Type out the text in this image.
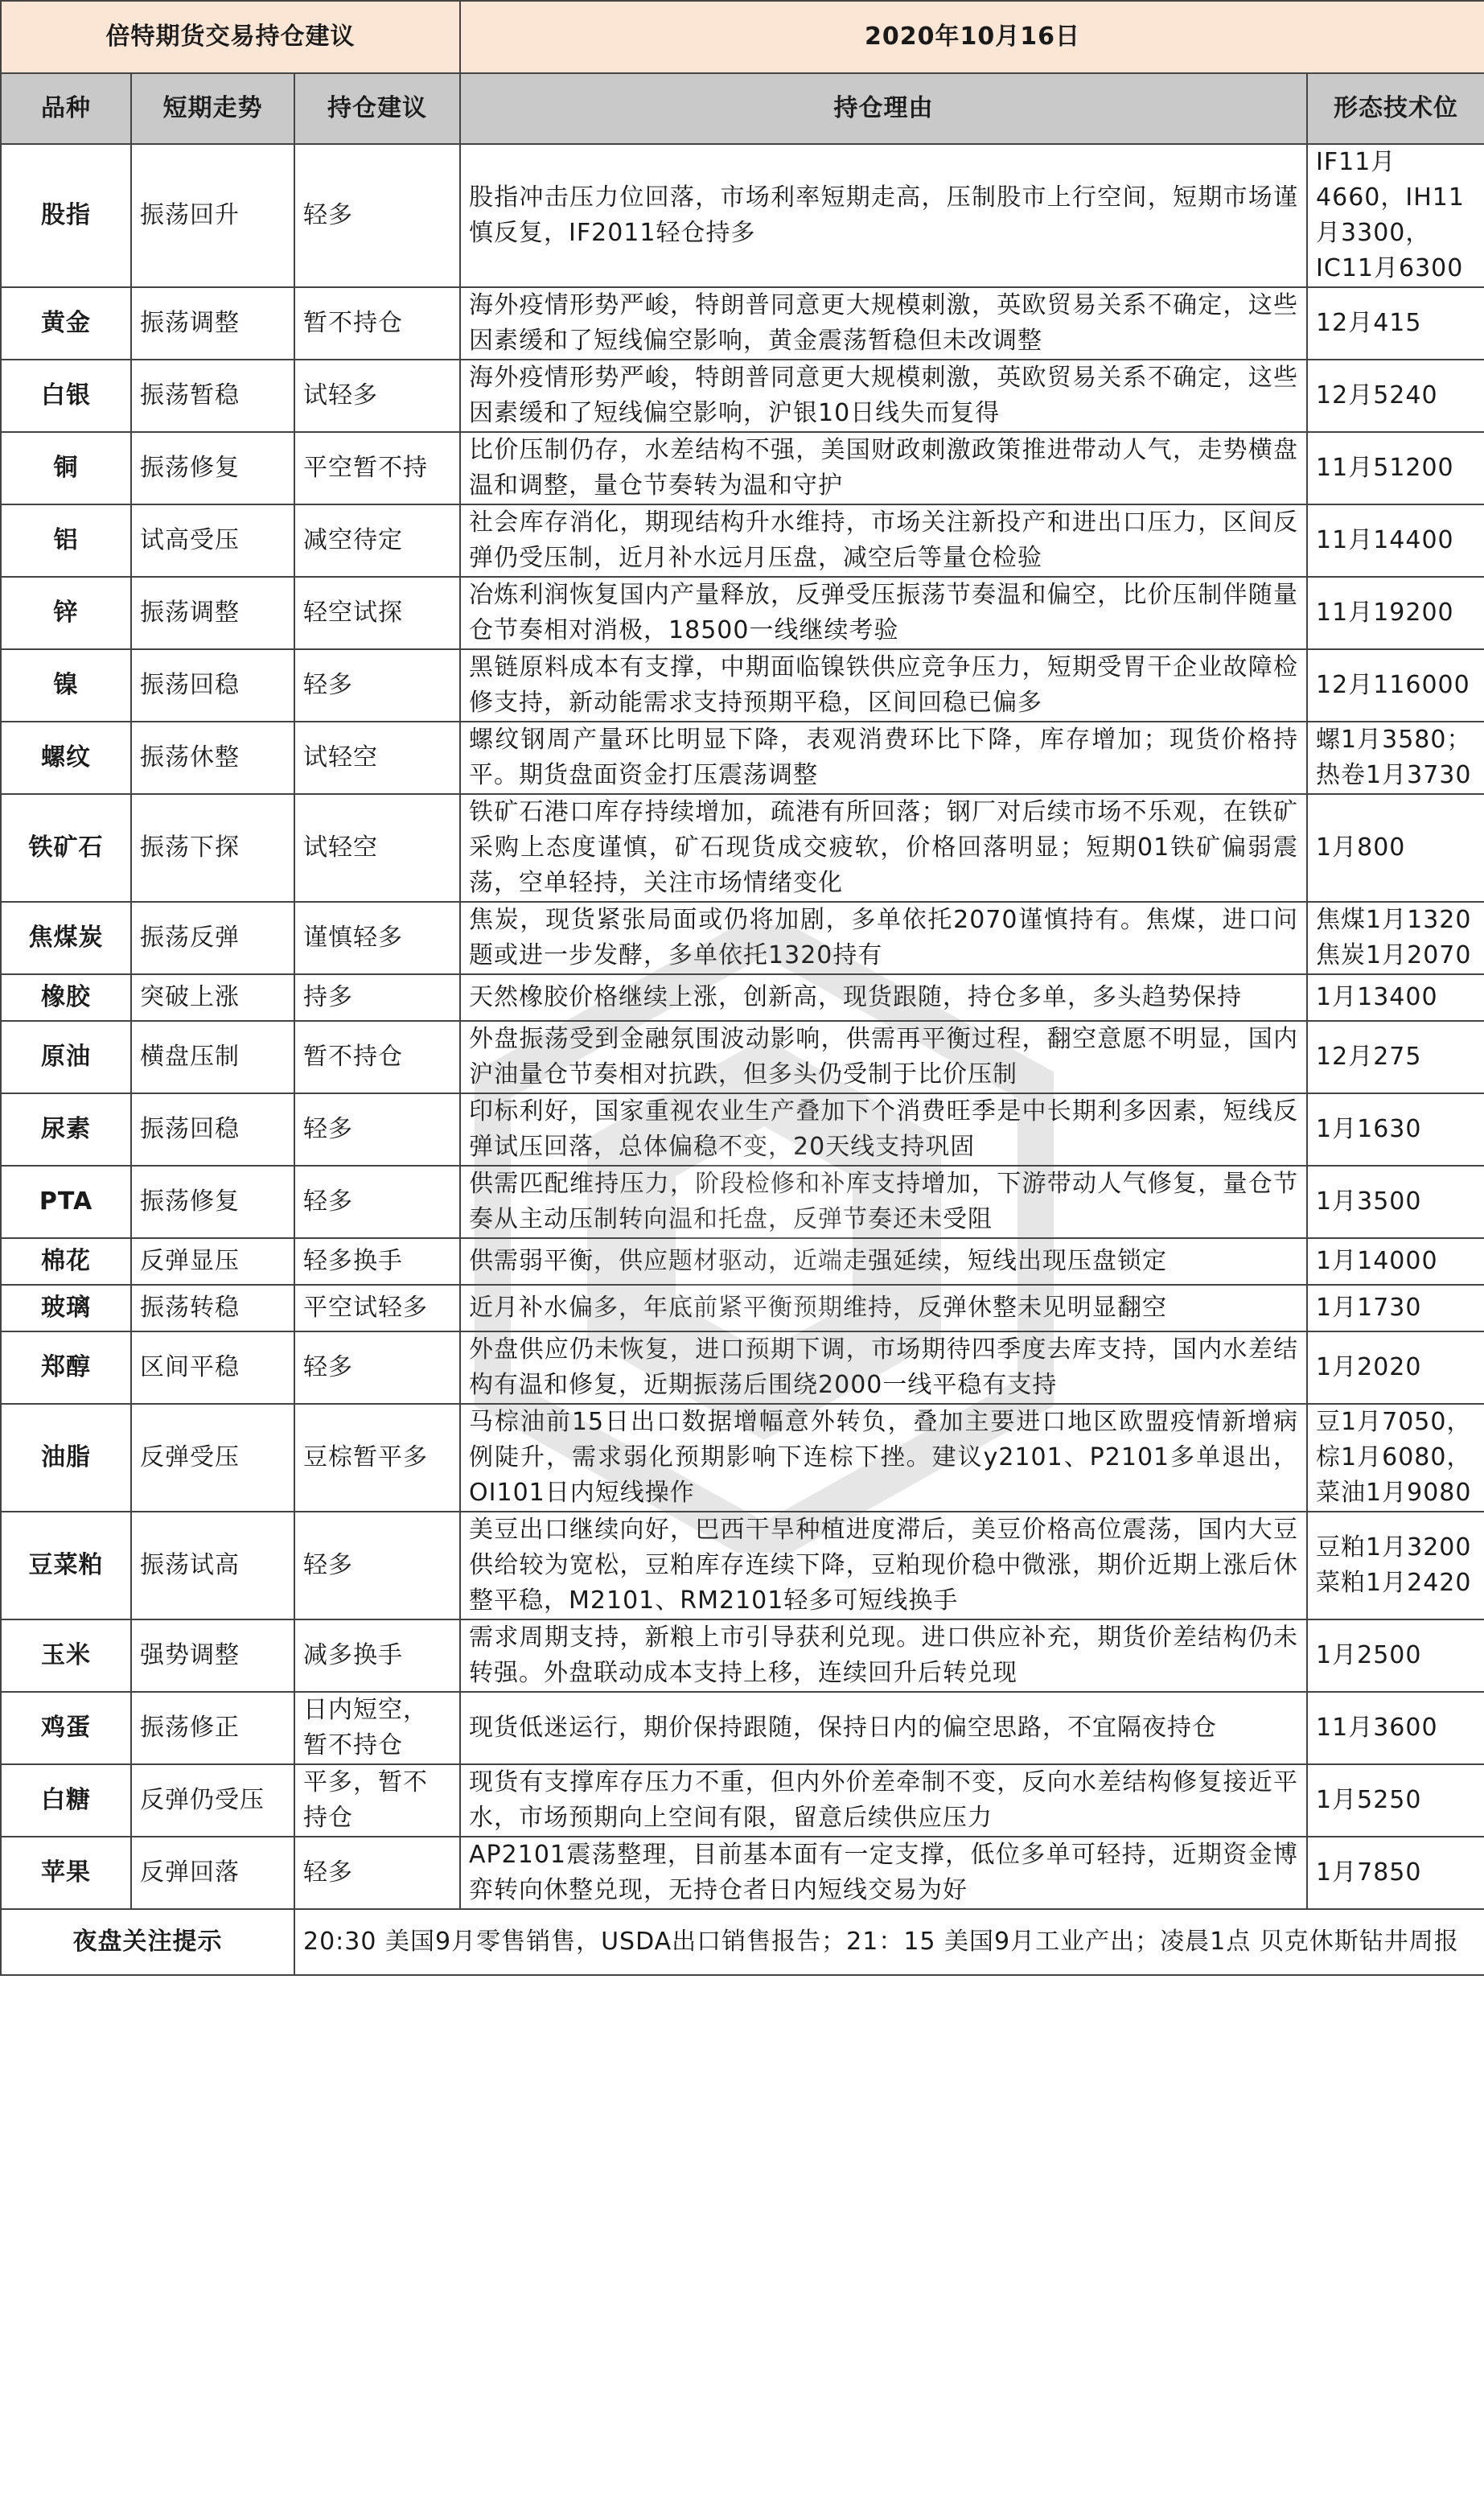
倍特期货交易持仓建议			2020年10月16日	
品种	短期走势	持仓建议	持仓理由	形态技术位
股指	振荡回升	轻多	股指冲击压力位回落，市场利率短期走高，压制股市上行空间，短期市场谨慎反复，IF2011轻仓持多	IF11月4660，IH11月3300，IC11月6300
黄金	振荡调整	暂不持仓	海外疫情形势严峻，特朗普同意更大规模刺激，英欧贸易关系不确定，这些因素缓和了短线偏空影响，黄金震荡暂稳但未改调整	12月415
白银	振荡暂稳	试轻多	海外疫情形势严峻，特朗普同意更大规模刺激，英欧贸易关系不确定，这些因素缓和了短线偏空影响，沪银10日线失而复得	12月5240
铜	振荡修复	平空暂不持	比价压制仍存，水差结构不强，美国财政刺激政策推进带动人气，走势横盘温和调整，量仓节奏转为温和守护	11月51200
铝	试高受压	减空待定	社会库存消化，期现结构升水维持，市场关注新投产和进出口压力，区间反弹仍受压制，近月补水远月压盘，减空后等量仓检验	11月14400
锌	振荡调整	轻空试探	冶炼利润恢复国内产量释放，反弹受压振荡节奏温和偏空，比价压制伴随量仓节奏相对消极，18500一线继续考验	11月19200
镍	振荡回稳	轻多	黑链原料成本有支撑，中期面临镍铁供应竞争压力，短期受胃干企业故障检修支持，新动能需求支持预期平稳，区间回稳已偏多	12月116000
螺纹	振荡休整	试轻空	螺纹钢周产量环比明显下降，表观消费环比下降，库存增加；现货价格持平。期货盘面资金打压震荡调整	螺1月3580；热卷1月3730
铁矿石	振荡下探	试轻空	铁矿石港口库存持续增加，疏港有所回落；钢厂对后续市场不乐观，在铁矿采购上态度谨慎，矿石现货成交疲软，价格回落明显；短期01铁矿偏弱震荡，空单轻持，关注市场情绪变化	1月800
焦煤炭	振荡反弹	谨慎轻多	焦炭，现货紧张局面或仍将加剧，多单依托2070谨慎持有。焦煤，进口问题或进一步发酵，多单依托1320持有	焦煤1月1320 焦炭1月2070
橡胶	突破上涨	持多	天然橡胶价格继续上涨，创新高，现货跟随，持仓多单，多头趋势保持	1月13400
原油	横盘压制	暂不持仓	外盘振荡受到金融氛围波动影响，供需再平衡过程，翻空意愿不明显，国内沪油量仓节奏相对抗跌，但多头仍受制于比价压制	12月275
尿素	振荡回稳	轻多	印标利好，国家重视农业生产叠加下个消费旺季是中长期利多因素，短线反弹试压回落，总体偏稳不变，20天线支持巩固	1月1630
PTA	振荡修复	轻多	供需匹配维持压力，阶段检修和补库支持增加，下游带动人气修复，量仓节奏从主动压制转向温和托盘，反弹节奏还未受阻	1月3500
棉花	反弹显压	轻多换手	供需弱平衡，供应题材驱动，近端走强延续，短线出现压盘锁定	1月14000
玻璃	振荡转稳	平空试轻多	近月补水偏多，年底前紧平衡预期维持，反弹休整未见明显翻空	1月1730
郑醇	区间平稳	轻多	外盘供应仍未恢复，进口预期下调，市场期待四季度去库支持，国内水差结构有温和修复，近期振荡后围绕2000一线平稳有支持	1月2020
油脂	反弹受压	豆棕暂平多	马棕油前15日出口数据增幅意外转负，叠加主要进口地区欧盟疫情新增病例陡升，需求弱化预期影响下连棕下挫。建议y2101、P2101多单退出，OI101日内短线操作	豆1月7050，棕1月6080，菜油1月9080
豆菜粕	振荡试高	轻多	美豆出口继续向好，巴西干旱种植进度滞后，美豆价格高位震荡，国内大豆供给较为宽松，豆粕库存连续下降，豆粕现价稳中微涨，期价近期上涨后休整平稳，M2101、RM2101轻多可短线换手	豆粕1月3200 菜粕1月2420
玉米	强势调整	减多换手	需求周期支持，新粮上市引导获利兑现。进口供应补充，期货价差结构仍未转强。外盘联动成本支持上移，连续回升后转兑现	1月2500
鸡蛋	振荡修正	日内短空，暂不持仓	现货低迷运行，期价保持跟随，保持日内的偏空思路，不宜隔夜持仓	11月3600
白糖	反弹仍受压	平多，暂不持仓	现货有支撑库存压力不重，但内外价差牵制不变，反向水差结构修复接近平水，市场预期向上空间有限，留意后续供应压力	1月5250
苹果	反弹回落	轻多	AP2101震荡整理，目前基本面有一定支撑，低位多单可轻持，近期资金博弈转向休整兑现，无持仓者日内短线交易为好	1月7850
夜盘关注提示		20:30 美国9月零售销售，USDA出口销售报告；21：15 美国9月工业产出；凌晨1点 贝克休斯钻井周报		
